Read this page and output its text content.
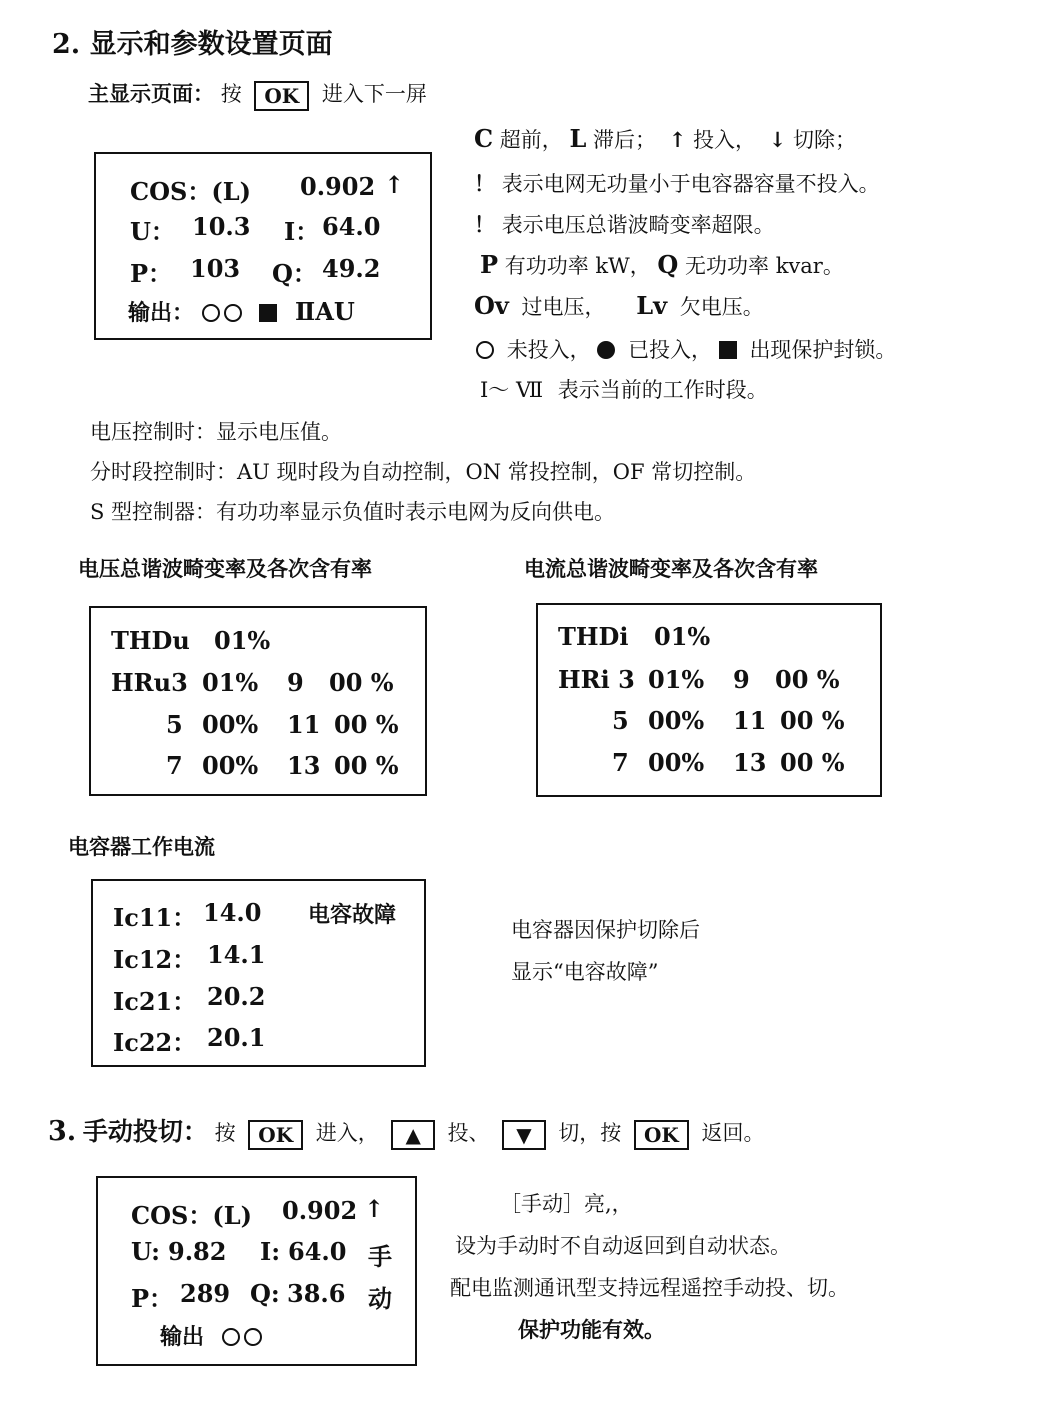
2. 显示和参数设置页面
主显示页面： 按 OK 进入下一屏
COS：(L) 0.902 ↑
U： 10.3 I： 64.0
P： 103 Q： 49.2
输出：	ⅡAU
C 超前， L 滞后； ↑ 投入， ↓ 切除；
！ 表示电网无功量小于电容器容量不投入。
！ 表示电压总谐波畸变率超限。
P 有功功率 kW， Q 无功功率 kvar。
Ov 过电压， Lv 欠电压。
未投入， 已投入， 出现保护封锁。
Ⅰ～ Ⅶ 表示当前的工作时段。
电压控制时：显示电压值。
分时段控制时：AU 现时段为自动控制，ON 常投控制，OF 常切控制。
S 型控制器：有功功率显示负值时表示电网为反向供电。
电压总谐波畸变率及各次含有率	电流总谐波畸变率及各次含有率
THDu 01%
HRu3 01% 9 00 %
5 00% 11 00 %
7 00% 13 00 %
THDi 01%
HRi 3 01% 9 00 %
5 00% 11 00 %
7 00% 13 00 %
电容器工作电流
Ic11： 14.0
Ic12： 14.1
Ic21： 20.2
Ic22： 20.1
电容故障
电容器因保护切除后
显示“电容故障”
3. 手动投切： 按 OK 进入， ▲ 投、 ▼ 切，按 OK 返回。
COS：(L) 0.902 ↑
U: 9.82 I: 64.0 手
P： 289 Q: 38.6 动
输出
［手动］亮,，
设为手动时不自动返回到自动状态。
配电监测通讯型支持远程遥控手动投、切。
保护功能有效。
